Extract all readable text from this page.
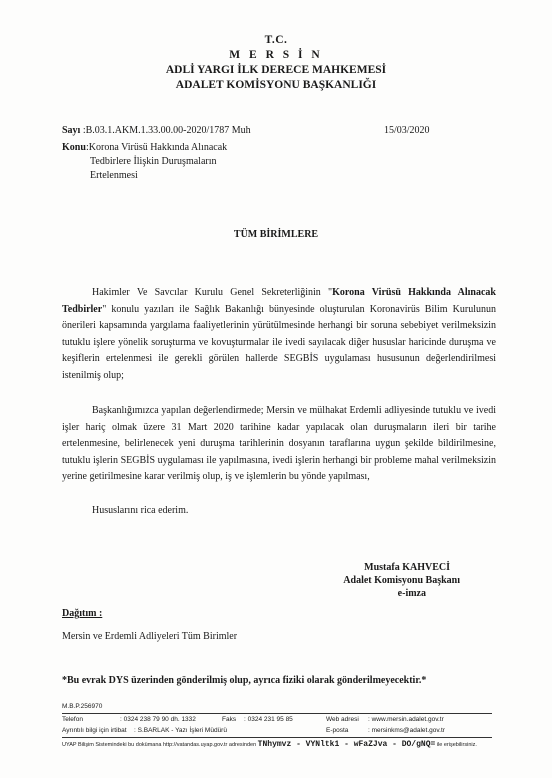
T.C.
M E R S İ N
ADLİ YARGI İLK DERECE MAHKEMESİ
ADALET KOMİSYONU BAŞKANLIĞI
Sayı :B.03.1.AKM.1.33.00.00-2020/1787 Muh	15/03/2020
Konu :Korona Virüsü Hakkında Alınacak
Tedbirlere İlişkin Duruşmaların
Ertelenmesi
TÜM BİRİMLERE
Hakimler Ve Savcılar Kurulu Genel Sekreterliğinin "Korona Virüsü Hakkında Alınacak Tedbirler" konulu yazıları ile Sağlık Bakanlığı bünyesinde oluşturulan Koronavirüs Bilim Kurulunun önerileri kapsamında yargılama faaliyetlerinin yürütülmesinde herhangi bir soruna sebebiyet verilmeksizin tutuklu işlere yönelik soruşturma ve kovuşturmalar ile ivedi sayılacak diğer hususlar haricinde duruşma ve keşiflerin ertelenmesi ile gerekli görülen hallerde SEGBİS uygulaması hususunun değerlendirilmesi istenilmiş olup;
Başkanlığımızca yapılan değerlendirmede; Mersin ve mülhakat Erdemli adliyesinde tutuklu ve ivedi işler hariç olmak üzere 31 Mart 2020 tarihine kadar yapılacak olan duruşmaların ileri bir tarihe ertelenmesine, belirlenecek yeni duruşma tarihlerinin dosyanın taraflarına uygun şekilde bildirilmesine, tutuklu işlerin SEGBİS uygulaması ile yapılmasına, ivedi işlerin herhangi bir probleme mahal verilmeksizin yerine getirilmesine karar verilmiş olup, iş ve işlemlerin bu yönde yapılması,
Hususlarını rica ederim.
Mustafa KAHVECİ
Adalet Komisyonu Başkanı
e-imza
Dağıtım :
Mersin ve Erdemli Adliyeleri Tüm Birimler
*Bu evrak DYS üzerinden gönderilmiş olup, ayrıca fiziki olarak gönderilmeyecektir.*
M.B.P.256970
Telefon	: 0324 238 79 90 dh. 1332	Faks : 0324 231 95 85	Web adresi : www.mersin.adalet.gov.tr
Ayrıntılı bilgi için irtibat : S.BARLAK - Yazı İşleri Müdürü	E-posta	: mersinkms@adalet.gov.tr
UYAP Bilişim Sistemindeki bu dokümana http://vatandas.uyap.gov.tr adresinden TNhymvz - VYNltk1 - wFaZJva - DO/gNQ= ile erişebilirsiniz.
